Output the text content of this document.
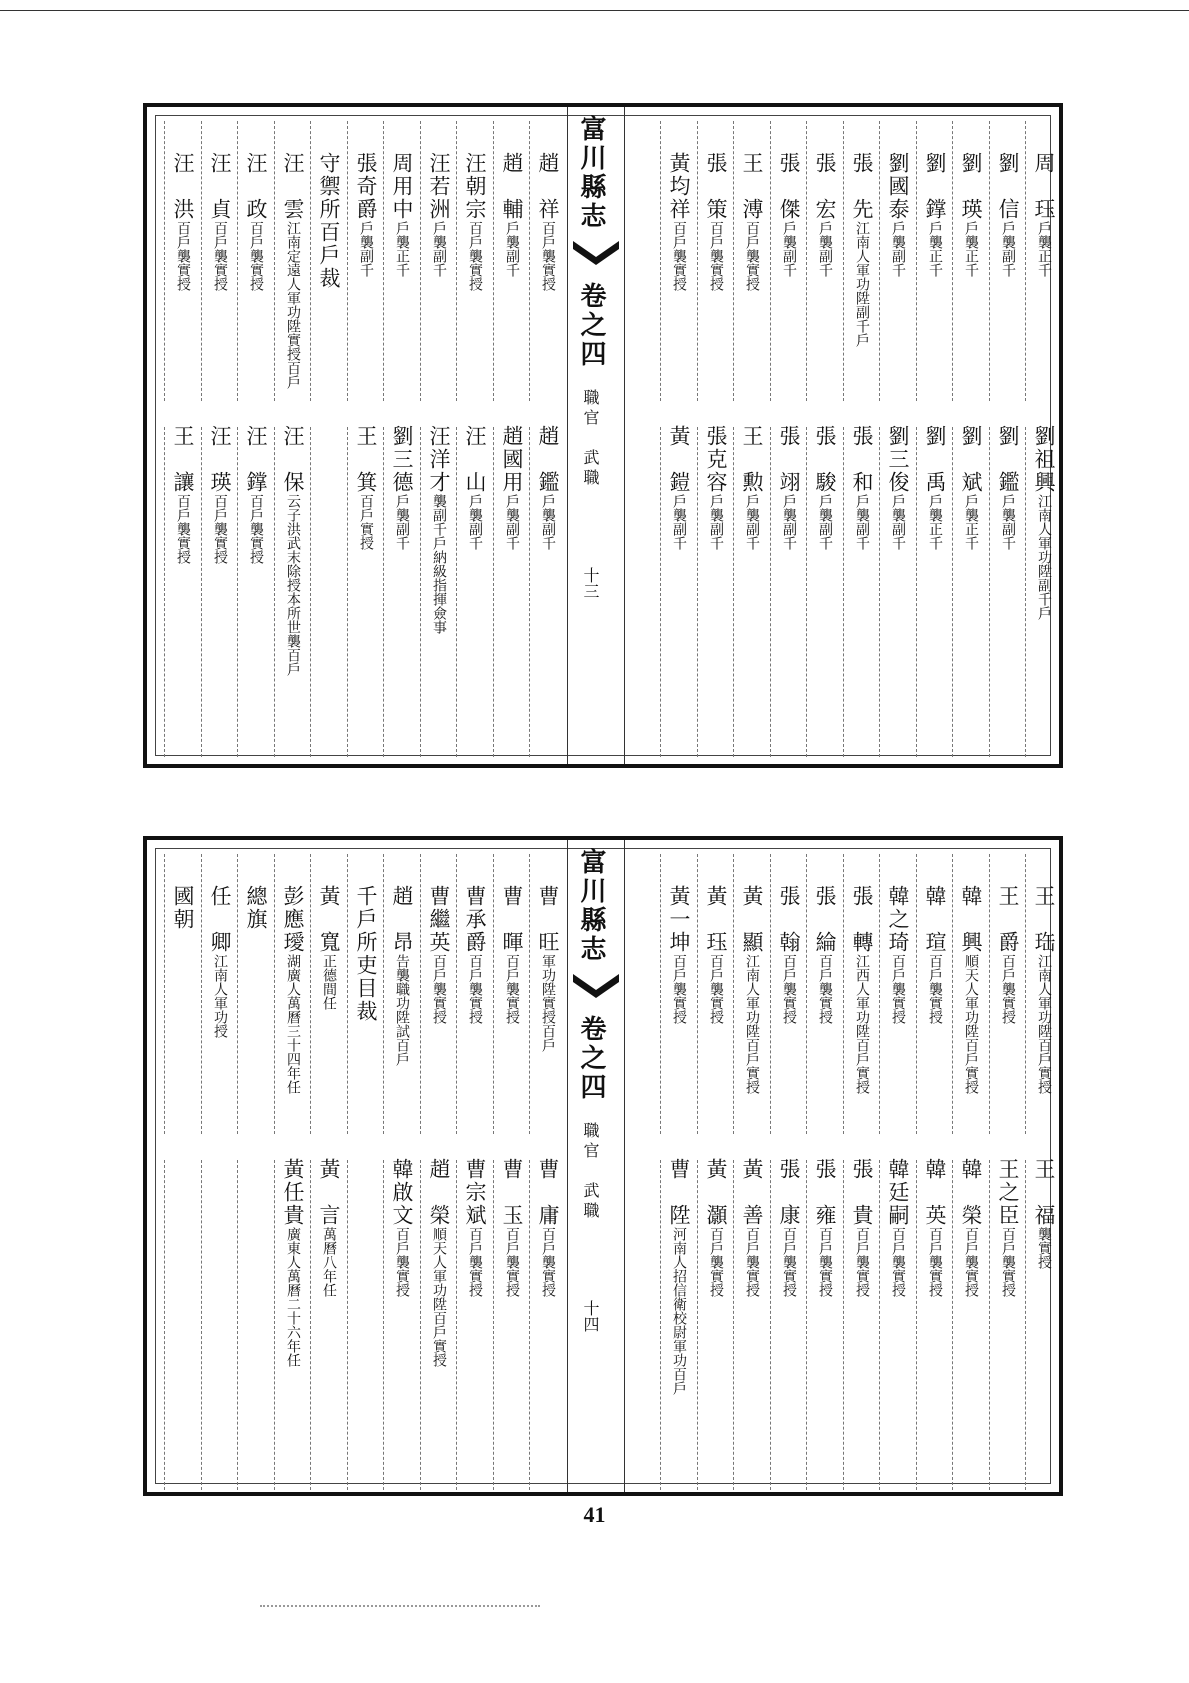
周　珏戶襲正千
劉祖興江南人軍功陞副千戶
劉　信戶襲副千
劉　鑑戶襲副千
劉　瑛戶襲正千
劉　斌戶襲正千
劉　鐣戶襲正千
劉　禹戶襲正千
劉國泰戶襲副千
劉三俊戶襲副千
張　先江南人軍功陞副千戶
張　和戶襲副千
張　宏戶襲副千
張　駿戶襲副千
張　傑戶襲副千
張　翊戶襲副千
王　溥百戶襲實授
王　勲戶襲副千
張　策百戶襲實授
張克容戶襲副千
黃均祥百戶襲實授
黃　鎧戶襲副千
趙　祥百戶襲實授
趙　鑑戶襲副千
趙　輔戶襲副千
趙國用戶襲副千
汪朝宗百戶襲實授
汪　山戶襲副千
汪若洲戶襲副千
汪洋才襲副千戶納級指揮僉事
周用中戶襲正千
劉三德戶襲副千
張奇爵戶襲副千
王　箕百戶實授
守禦所百戶裁
汪　雲江南定遠人軍功陞實授百戶
汪　保云子洪武末除授本所世襲百戶
汪　政百戶襲實授
汪　鐣百戶襲實授
汪　貞百戶襲實授
汪　瑛百戶襲實授
汪　洪百戶襲實授
王　讓百戶襲實授
富川縣志
卷之四
職官　武職
十三
王　珤江南人軍功陞百戶實授
王　福襲實授
王　爵百戶襲實授
王之臣百戶襲實授
韓　興順天人軍功陞百戶實授
韓　榮百戶襲實授
韓　瑄百戶襲實授
韓　英百戶襲實授
韓之琦百戶襲實授
韓廷嗣百戶襲實授
張　轉江西人軍功陞百戶實授
張　貴百戶襲實授
張　綸百戶襲實授
張　雍百戶襲實授
張　翰百戶襲實授
張　康百戶襲實授
黃　顯江南人軍功陞百戶實授
黃　善百戶襲實授
黃　珏百戶襲實授
黃　灝百戶襲實授
黃一坤百戶襲實授
曹　陞河南人招信衛校尉軍功百戶
曹　旺軍功陞實授百戶
曹　庸百戶襲實授
曹　暉百戶襲實授
曹　玉百戶襲實授
曹承爵百戶襲實授
曹宗斌百戶襲實授
曹繼英百戶襲實授
趙　榮順天人軍功陞百戶實授
趙　昂告襲職功陞試百戶
韓啟文百戶襲實授
千戶所吏目裁
黃　寬正德間任
黃　言萬曆八年任
彭應璦湖廣人萬曆三十四年任
黃任貴廣東人萬曆二十六年任
總旗
任　卿江南人軍功授
國朝	富川縣志
卷之四
職官　武職
十四
41
